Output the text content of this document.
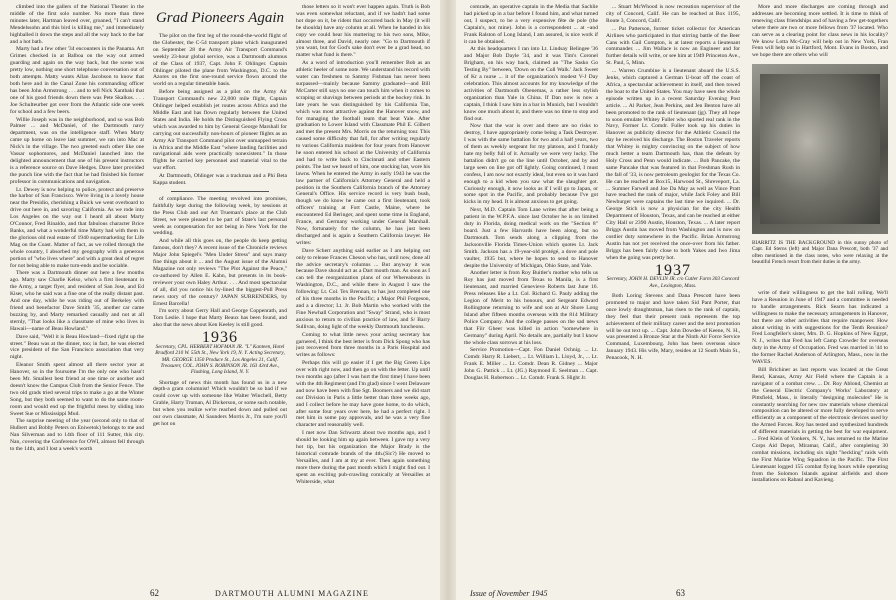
climbed into the gallers of the National Theater in the middle of the first solo number. No more than three minutes later, Hartman leaved over, groaned, "I can't stand Mendelssohn and this bird is killing me," and immediately highballed it down the steps and all the way back to the bar and a hot bath.

Marty had a few other '34 encounters in the Panama. Art Grimes checked in at Balboa on the way out armed guarding and again on the way back, but the scene was pretty low, nothing one short telephone conversation out of both attempts. Matty wants Allan Jacobson to know that both here and in the Canal Zone his commanding officer has been John Armstrong . . . and to tell Nick Xanthaki that one of his good friends down there was Pete Skalkos. . . . Joe Schulteurber got over from the Atlantic side one week for school and a few beers.

Willie Joseph was in the neighborhood, and so was Bob Palmer ... and McDaniel, of the Dartmouth navy department, was on the intelligence staff. When Marty came up home on leave last summer, we ran into Mac at Nick's in the village. The two greeted each other like one Vassar sophomores, and McDaniel launched into the delighted announcement that one of his present instructors is a reference source on Dave Hedges. Dave later provided the punch line with the fact that he had finished his former professor in communications and navigation.

Lt. Dewey is now helping to police, protect and preserve the harbor of San Francisco. We're living in a lovely house near the Presidio, cherishing a Buick we went overboard to drive out here in, and savoring California. As we rode into Los Angeles on the way out I heard all about Marty O'Connor, Fred Rinaldo, and that fabulous character Brice Banks, and what a wonderful time Marty had with them in the glorious old real estate of 1940 supermarketing for Life Mag on the Coast. Matter of fact, as we rolled through the whole country, I absorbed my geography with a generous portion of "who lives where" and with a great deal of regret for not being able to make turn-ends and be sociable.

There was a Dartmouth dinner out here a few months ago. Marty saw Charlie Kelso, who's a first lieutenant in the Army, a target flyer, and resident of San Jose, and Ed Kiser, who he said was a fine one of the really distant past. And one day, while he was riding out of Berkeley with friend and benefactor Dave Smith '35, another car came buzzing by, and Marty remarked casually and not at all sternly, "That looks like a classmate of mine who lives in Hawaii—name of Beau Howland."

Dave said, "Well it is Beau Howland—fixed right up the street." Beau was at the dinner, too; in fact, he was elected vice president of the San Francisco association that very night.

Eleanor Smith spent almost all there sector year at Hanover, so in the foursome I'm the only one who hasn't been Mr. Smallest best friend at one time or another and doesn't know the Campus Club from the Senior Fence. The two old grads tried several trips to make a go at the Winter Song, but they both seemed to want to do the same room-room and would end up the frightful mess by sliding into Sweet Sue or Mississippi Mud.

The surprise meeting of the year (second only to that of Hulbert and Bobby Peters on Eniwetok) belongs to me and Nan Silverman and to 14th floor of 111 Sutter, this city. Nan, covering the Conference for OWI, almost fell through to the 14th, and I lost a week's worth

Grad Pioneers Again

The pilot on the first leg of the round-the-world flight of the Globester, the C-54 transport plane which inaugurated on September 28 the Army Air Transport Command's weekly 23-hour global service, was a Dartmouth alumnus of the Class of 1937, Capt. John F. Ohlinger. Captain Ohlinger piloted the plane from Washington, D.C. to the Azores on the first one-round service flown around the world on a regular timetable basis.

Before being assigned as a pilot on the Army Air Transport Command's new 22,000 mile flight, Captain Ohlinger helped establish jet routes across Africa and the Middle East and has flown regularly between the United States and India. He holds the Distinguished Flying Cross which was awarded to him by General George Marshall for carrying out successfully non-hours of pioneer flights as an Army Air Transport Command pilot over unmapped terrain in Africa and the Middle East "where landing facilities and navigational aids were practically nonexistent." In those flights he carried key personnel and material vital to the war effort.

At Dartmouth, Ohlinger was a trackman and a Phi Beta Kappa student.

of compliance. The meeting revolved into promises, faithfully kept during the following week, by sessions at the Press Club and our Art Trueman's place at the Club Street, we were pleased to be part of State's last personal week as compensation for not being in New York for the wedding.

And while all this goes on, the people do keep getting famous, don't they? A recent issue of the Chronicle reviews Major John Spiegel's "Men Under Stress" and says many fine things about it ... and the August issue of the Alumni Magazine not only reviews "The Plot Against the Peace," co-authored by Allen E. Kahn, but presents in its book-reviewer your own Haley Arthur. . . . And most spectacular of all, did you notice his by-lined the biggest-Pull Press news story of the century? JAPAN SURRENDERS, by Ernest Barcella!

I'm sorry about Gerry Hall and George Coppenrath, and Tom Leslie. I hope that Marty Beaux has been found, and also that the news about Ken Keeley is still good.

1936
Secretary, CPL. HERBERT HOFMAN JR. "L" Kanteen, Hotel Bradford 210 W. 55th St., New York 19, N. Y. Acting Secretary, MR. GEORGE 1350 Produce St., Los Angeles 21, Calif. Treasurer, COL. JOHN S. ROBINSON JR. 163 43rd Ave., Flushing, Long Island, N. Y.

Shortage of news this month has found us in a new depth-a gram columnist! Which wouldn't be so bad if we could cover up with someone like Walter Winchell, Betty Grable, Harry Truman, Al Dickerson, or some such notable, but when you realize we're reached down and pulled out our own classmate, Al Saunders Morris Jr., I'm sure you'll get hot on

those letters so it won't ever happen again. Truth is Bob was even somewhat reluctant, and if we hadn't had some hot dope on it, be rident that occurred back in May (it will be shoulda) have any column at all. When he handed in his copy we could hear his muttering to his two sons, Mike, almost three, and David, nearly one: "Go to Dartmouth if you want, but for God's sake don't ever be a grad head, no matter what fund is there."

As a word of introduction you'll remember Bob as an athletic heeler of some note. We understand his record with water can freshmen to Sammy Fishman has never been surpassed—mainly because Sammy graduated—and Bill McCarter still says no one can touch him when it comes to scraping or shavings between periods at the hockey rink. In late years he was distinguished by his California Tan, which was most attractive against the Hanover snow, and for managing the football team that beat Yale. After graduation to Lower Island with Classmate Phil E. Gilbert and met the present Mrs. Morris on the returning tour. This caused some difficulty that fall, for after writing regularly to various California maidens for four years from Hanover he soon entered his school at the University of California and had to write back to Cincinnati and other Eastern points. The last we heard of him, one stocking hat, wore his lawns. When he entered the Army in early 1943 he was the law partner of California's Attorney General and held a position in the Southern California branch of the Attorney General's Office. His service record is very bush bush, though we do know he came out a first lieutenant, took officers' training at Fort Castle, Maine, where he encountered Ed Beringer, and spent some time in England, France, and Germany working under General Marshall. Now, fortunately for the column, he has just been discharged and is again a Southern California lawyer. He writes:

Dave Scherr anything said earlier as I am helping out only to release Frances Cheson who has, until now, done all the advice secretary's columns ... But anyway it was because Dave should act as a Dart mouth man. As soon as I can tell the reorganization plans of our Whereabouts in Washington, D.C., and while there in August I saw the following: Lt. Col. Tex Brennan, to has just completed one of his three months in the Pacific; a Major Phil Forgeson, and a a director; Lt. Jr. Bob Martin who worked with the Fine Newhall Corporation and "Sway" Strand, who is most anxious to return to civilian practice of law, and S/ Barry Sullivan, doing light of the weekly Dartmouth luncheons.

Coming to what little news your acting secretary has garnered, I think the best letter is from Dick Spong who has just recovered from three months in a Paris Hospital and writes as follows:

Perhaps this will go easier if I get the Big Green Lips over with right now, and then go on with the letter. Up until two months ago (after I was hurt the first time) I have been with the 4th Regiment (and I'm glad) since I went Delaware and now have been with fine Sgt. Boomers and we did start our Division in Paris a little better than three weeks ago, and I collect before he may have gone home, to do which, after some four years over here, he had a perfect right. I met him in some pay approvals, and he was a very fine character and reasonably well.

I met now Dan Schwartz about two months ago, and I should be looking him up again between. I gave my a very hot tip, but his organization the Major Brady is the historical comrade brands of the 4th.(Sic?) He moved to Versailles, and I am at my at ever. Then again something more there during the past month which I might find out. I spent an exciting pub-crawling comically at Versailles at Whiterside, what

62	DARTMOUTH ALUMNI MAGAZINE

comrade, an operative captain in the Media that Sachlie had picked up in a bar before I found him, and what turned out, I suspect, to be a very expensive fête de pole (the Captain's, not mine). John is a correspondent ... at ~and Frank Ralston of Long Island, I am assured, is nice work if it can be obtained.

At this headquarters I ran into Lt. Lindsay Belingee '36 and Major Bob Dayle '34, and it was Tim's Coronel Brigham, on his way back, claimed an "The Sasko Go Testing By" between, 'Down on the Coll Walk.' Jack Sweet of Kr a nurse ... it of the organization's modest V-J Day celebration. This almost accounts for my knowledge of the activities of Dartmouth Obenemas, a rather less stylish organization than Yale in China. If Dan now is now a captain, I think I saw him in a bar in Munich, but I wouldn't know one much about it, and there was no time to stop and find out.

Now that the war is over and there are no risks to destroy, I have appropriately come being a Task Destroyer. I was with the same battalion for two and a half years, two of them as weekly sergeant for my platoon, and I frankly hate my belly full of it. Actually we were very lucky. The battalion didn't go on the line until October, and by and large seen on line got off lightly. Going continued, I must confess, I am now not exactly ideal, but even so it was hard enough to a kid when you saw what the slaughter got. Curiously enough, it now looks as if I will go to Japan, or some spot in the Pacific, and probably because I've got kicks in my head. It is almost anxious to get going.

Next, M.D. Captain Tom Lane writes that after being a patient in the W.P.F.A. since last October he is on limited duty in Florida, doing medical work on the "Section 8" board. Just a few Harvards have been along, but no Dartmouth. Tom sends along a clipping from the Jacksonville Florida Times-Union which quotes Lt. Jack Smith. Jackson has a 19-year-old protégé, a dove and pole vaulter, 1935 but, where he hopes to send to Hanover despite the University of Michigan, Ohio State, and Yale.

Another letter is from Roy Buitler's mother who tells us Roy has just moved from Texas to Manila, is a first lieutenant, and married Genevieve Roberts last June 16. Press releases like a Lt. Col. Richard G. Pauly adding the Legion of Merit to his honours, and Sergeant Edward Rollingtone returning to wife and son at Air Shore Long Island after fifteen months overseas with the 814 Military Police Company. And the college passes on the sad news that Fiir Gheer was killed in action "somewhere in Germany" during April. No details are, partially but I know the whole class sorrows at his loss.

Service Promotion—Capt. Fon Daniel Ochnig. ... Lt. Comdr. Harry R. Liebert, ... Lt. William L. Lloyd, Jr., ... Lt. Frank E. Miller ... Lt. Comdr. Dean R. Gidney ... Major John G. Pattick ... Lt. (JG.) Raymond E. Seelman ... Capt. Douglas H. Robertson ... Lt. Comdr. Frank S. Hight Jr.

... Stuart McWhood is now recreation supervisor of the city of Concord, Calif. He can be reached at Box 1195, Route 3, Concord, Calif.

... Pat Patterson, former ticket collector for American Airlines who participated in that stirring battle of the Beer Cans with Gail Compton, is at latest reports a lieutenant commander. ... Jim Wallace is now an Engineer and for further details will write, or see him at 1949 Princeton Ave., St. Paul, 5, Minn.

... Warren Crumbine is a lieutenant aboard the U.S.S. Jenks, which captured a German U-boat off the coast of Africa, a spectacular achievement in itself, and then towed the boat to the United States. You may have seen the whole episode written up in a recent Saturday Evening Post article. ... Al Parker, Jean Perkins, and Jen Benton have all been promoted to the rank of lieutenant (jg). They all hope to soon emulate Whitey Fuller who sported real rank in the Navy, Former Lt. Comdr. Fuller took up his duties in Hanover as publicity director for the Athletic Council the day he received his discharge. The Boston Traveler reports that Whitey is mighty convincing on the subject of how much better a team Dartmouth has, than the defeats by Holy Cross and Penn would indicate. ... Bob Pancake, the same Pancake that was featured in that Freshman Rush in the fall of '33, is now petroleum geologist for the Texas Co. He can be reached at Box15, Harwood St., Shreveport, La. ... Sumner Farwell and Joe Da May as well as Vince Pratt have reached the rank of major, while Jack Foley and Bill Newburger were captains the last time we inquired. ... Dr. George Stich is now a physician for the city Health Department of Houston, Texas, and can be reached at either City Hall or 2390 Austin, Houston, Texas. ... A later report Briggs Austin has moved from Washington and is now on costlier duty somewhere in the Pacific. Brian Armstrong Austin has not yet received the once-over from his father. Briggs has been fairly close to both Yakes and Iwo Jima when the going was pretty hot.

1937
Secretary, JOHN H. DEVLIN JR. c/o Cutler Farm 303 Concord Ave., Lexington, Mass.

Both Loring Stevens and Dana Prescott have been promoted to major and have taken Sid Pant Porter, that once lowly draughtsman, has risen to the rank of captain, they feel that their present rank represents the top achievement of their military career and the next promotion will be out text up. ... Capt. John Dowdee of Keene, N. H., was presented a Bronze Star at the Ninth Air Force Service Command, Luxembourg. John has been overseas since January 1943. His wife, Mary, resides at 12 South Main St., Penacook, N. H.

More and more discharges are coming through and addresses are becoming more settled. It is time to think of renewing class friendships and of having a few get-togethers where there are two or more fellows from '37 located. Who can serve as a clearing point for class news in his locality? We know Lotta Mc-Cray will help out in New York, Fran Fenn will help out in Hartford, Mont. Evans in Boston, and we hope there are others who will

BIARRITZ IS THE BACKGROUND in this sunny photo of Capt. Ed Sterns (left) and Major Dana Prescott, both '37 and often mentioned in the class notes, who were relaxing at the beautiful French resort from their duties in the army.

write of their willingness to get the ball rolling. We'll have a Reunion in June of 1947 and a committee is needed to handle arrangements. Rick Searrs has indicated a willingness to make the necessary arrangements in Hanover, but there are other activities that require manpower. How about writing in with suggestions for the Tenth Reunion? Fred Longfeller's sister, Mrs. D. G. Hopkins of New Egypt, N. J., writes that Fred has left Camp Crowder for overseas duty in the Army of Occupation. Fred was married in '44 to the former Rachel Anderson of Arlington, Mass., now in the WAVES.

Bill Brichiner as last reports was located at the Great Bend, Kansas, Army Air Field where the Captain is a navigator of a combat crew. ... Dr. Roy Ablond, Chemist at the General Electric Company's Works' Laboratory at Pittsfield, Mass., is literally "designing molecules" He is constantly searching for new raw materials whose chemical composition can be altered or more fully developed to serve efficiently as a component of the electronic devices used by the Armed Forces. Roy has tested and synthesized hundreds of different materials in getting the best for war equipment. ... Fred Klein of Yonkers, N. Y., has returned to the Marine Corps Aid Depot, Miramar, Calif., after completing 30 combat missions, including six night "heckling" raids with the First Marine Wing Squadron in the Pacific. The First Lieutenant logged 155 combat flying hours while operating from the Solomon Islands against airfields and shore installations on Rabaul and Kavieng.

Issue of November 1945	63
